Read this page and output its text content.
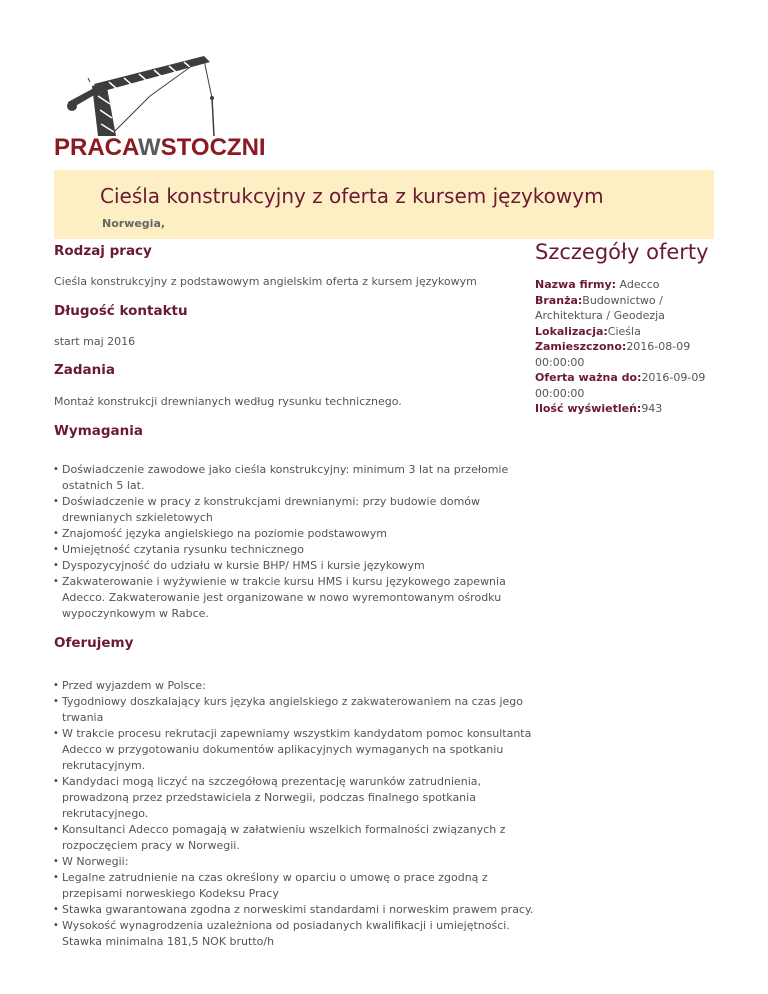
PRACAWSTOCZNI
Cieśla konstrukcyjny z oferta z kursem językowym
Norwegia,
Rodzaj pracy

Cieśla konstrukcyjny z podstawowym angielskim oferta z kursem językowym

Długość kontaktu

start maj 2016

Zadania

Montaż konstrukcji drewnianych według rysunku technicznego.

Wymagania
• Doświadczenie zawodowe jako cieśla konstrukcyjny: minimum 3 lat na przełomie ostatnich 5 lat.
• Doświadczenie w pracy z konstrukcjami drewnianymi: przy budowie domów drewnianych szkieletowych
• Znajomość języka angielskiego na poziomie podstawowym
• Umiejętność czytania rysunku technicznego
• Dyspozycyjność do udziału w kursie BHP/ HMS i kursie językowym
• Zakwaterowanie i wyżywienie w trakcie kursu HMS i kursu językowego zapewnia Adecco. Zakwaterowanie jest organizowane w nowo wyremontowanym ośrodku wypoczynkowym w Rabce.
Oferujemy
• Przed wyjazdem w Polsce:
• Tygodniowy doszkalający kurs języka angielskiego z zakwaterowaniem na czas jego trwania
• W trakcie procesu rekrutacji zapewniamy wszystkim kandydatom pomoc konsultanta Adecco w przygotowaniu dokumentów aplikacyjnych wymaganych na spotkaniu rekrutacyjnym.
• Kandydaci mogą liczyć na szczegółową prezentację warunków zatrudnienia, prowadzoną przez przedstawiciela z Norwegii, podczas finalnego spotkania rekrutacyjnego.
• Konsultanci Adecco pomagają w załatwieniu wszelkich formalności związanych z rozpoczęciem pracy w Norwegii.
• W Norwegii:
• Legalne zatrudnienie na czas określony w oparciu o umowę o prace zgodną z przepisami norweskiego Kodeksu Pracy
• Stawka gwarantowana zgodna z norweskimi standardami i norweskim prawem pracy.
• Wysokość wynagrodzenia uzależniona od posiadanych kwalifikacji i umiejętności. Stawka minimalna 181,5 NOK brutto/h
Szczegóły oferty
Nazwa firmy: Adecco
Branża:Budownictwo / Architektura / Geodezja
Lokalizacja:Cieśla
Zamieszczono:2016-08-09 00:00:00
Oferta ważna do:2016-09-09 00:00:00
Ilość wyświetleń:943
